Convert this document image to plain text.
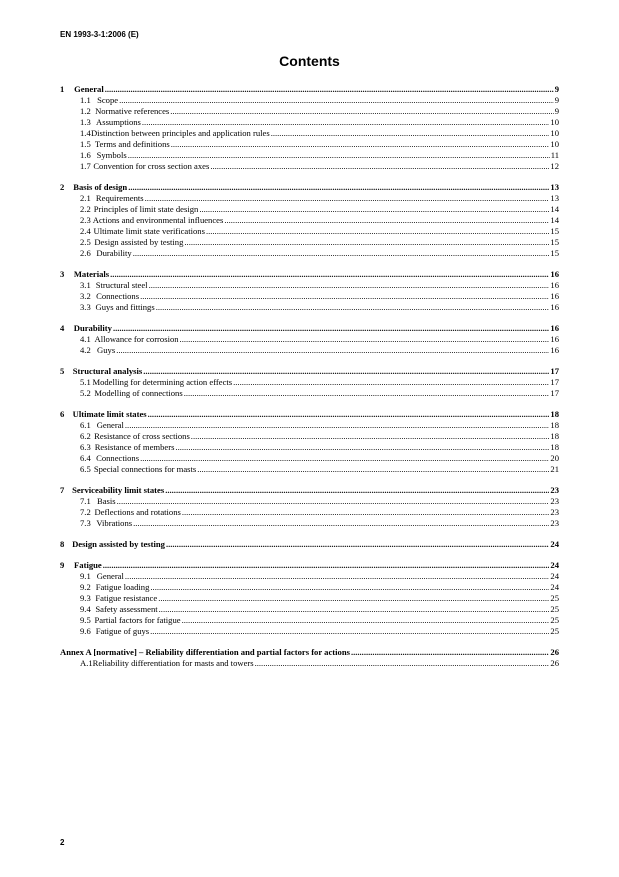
EN 1993-3-1:2006 (E)
Contents
1	General .....	9
1.1 Scope .....	9
1.2 Normative references .....	9
1.3 Assumptions .....	10
1.4 Distinction between principles and application rules .....	10
1.5 Terms and definitions .....	10
1.6 Symbols .....	11
1.7 Convention for cross section axes .....	12
2	Basis of design .....	13
2.1 Requirements .....	13
2.2 Principles of limit state design .....	14
2.3 Actions and environmental influences .....	14
2.4 Ultimate limit state verifications .....	15
2.5 Design assisted by testing .....	15
2.6 Durability .....	15
3	Materials .....	16
3.1 Structural steel .....	16
3.2 Connections .....	16
3.3 Guys and fittings .....	16
4	Durability .....	16
4.1 Allowance for corrosion .....	16
4.2 Guys .....	16
5 Structural analysis .....	17
5.1 Modelling for determining action effects .....	17
5.2 Modelling of connections .....	17
6 Ultimate limit states .....	18
6.1 General .....	18
6.2 Resistance of cross sections .....	18
6.3 Resistance of members .....	18
6.4 Connections .....	20
6.5 Special connections for masts .....	21
7 Serviceability limit states .....	23
7.1 Basis .....	23
7.2 Deflections and rotations .....	23
7.3 Vibrations .....	23
8 Design assisted by testing .....	24
9	Fatigue .....	24
9.1 General .....	24
9.2 Fatigue loading .....	24
9.3 Fatigue resistance .....	25
9.4 Safety assessment .....	25
9.5 Partial factors for fatigue .....	25
9.6 Fatigue of guys .....	25
Annex A [normative] – Reliability differentiation and partial factors for actions .....	26
A.1 Reliability differentiation for masts and towers .....	26
2
